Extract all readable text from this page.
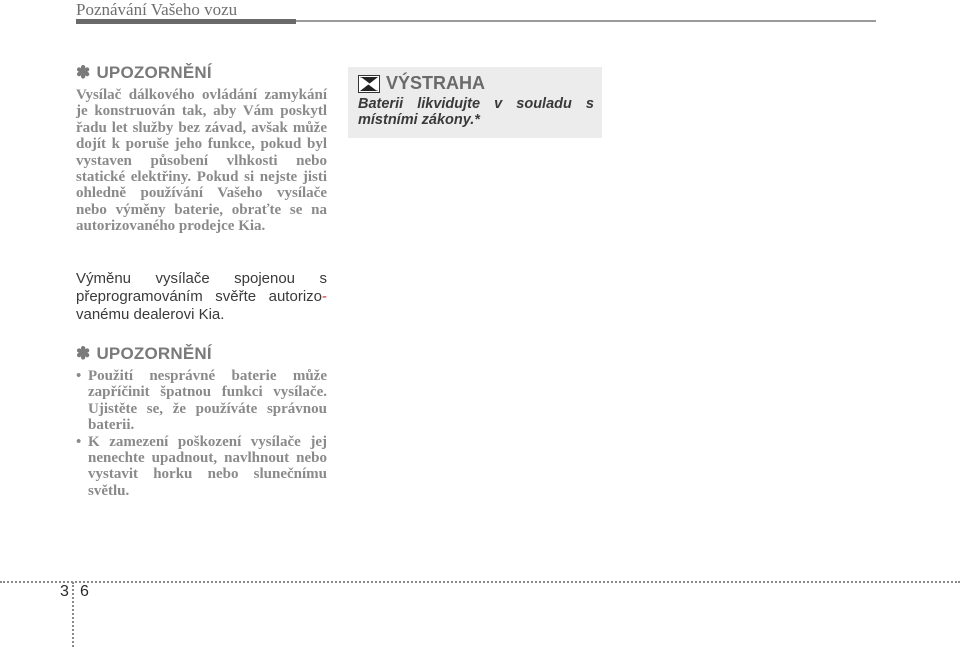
Poznávání Vašeho vozu
✽ UPOZORNĚNÍ

Vysílač dálkového ovládání zamykání je konstruován tak, aby Vám poskytl řadu let služby bez závad, avšak může dojít k poruše jeho funkce, pokud byl vystaven působení vlhkosti nebo statické elektřiny. Pokud si nejste jisti ohledně používání Vašeho vysílače nebo výměny baterie, obraťte se na autorizovaného prodejce Kia.

Výměnu vysílače spojenou s přeprogramováním svěřte autorizo-vanému dealerovi Kia.
✽ UPOZORNĚNÍ
• Použití nesprávné baterie může zapříčinit špatnou funkci vysílače. Ujistěte se, že používáte správnou baterii.
• K zamezení poškození vysílače jej nenechte upadnout, navlhnout nebo vystavit horku nebo slunečnímu světlu.
VÝSTRAHA
Baterii likvidujte v souladu s místními zákony.*
3 6
